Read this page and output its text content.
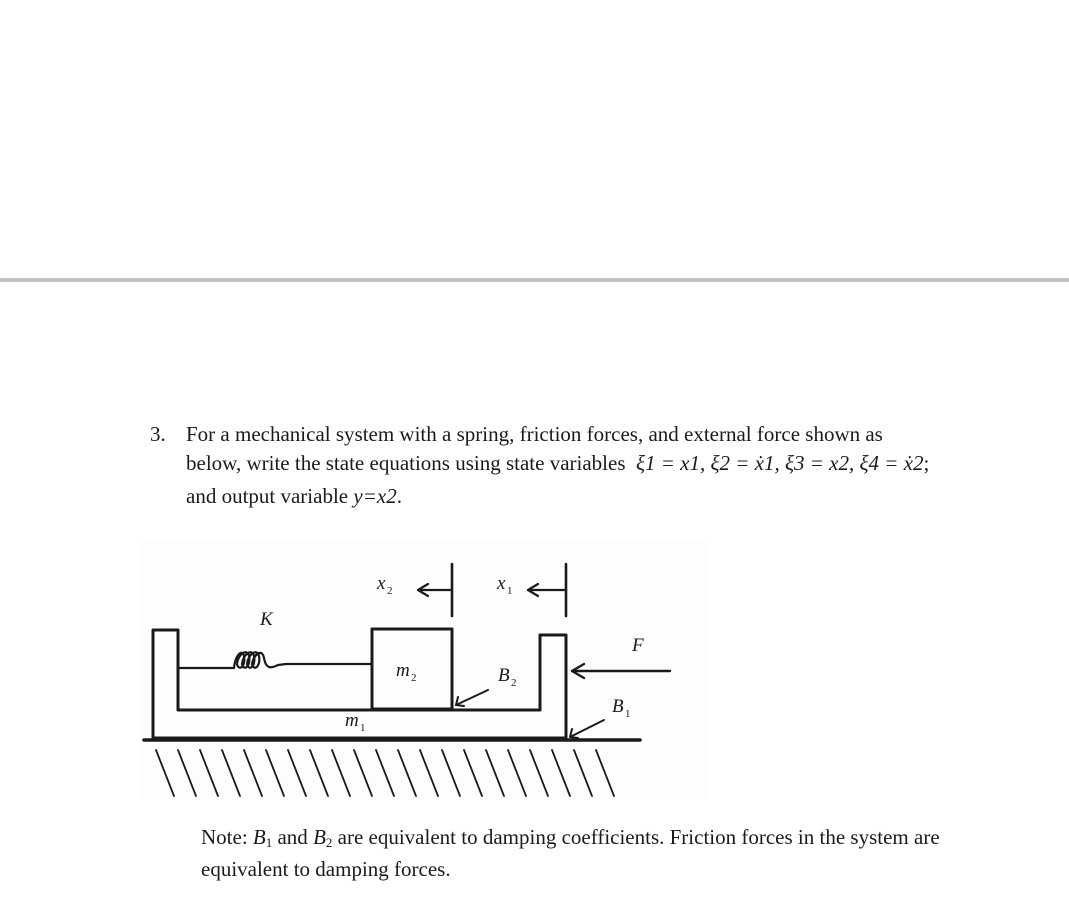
3. For a mechanical system with a spring, friction forces, and external force shown as
below, write the state equations using state variables ξ1 = x1, ξ2 = ẋ1, ξ3 = x2, ξ4 = ẋ2;
and output variable y=x2.
K
m 2
m 1
x 2	x 1
B 2
B 1
F
Note: $B_1$ and $B_2$ are equivalent to damping coefficients. Friction forces in the system are
equivalent to damping forces.
